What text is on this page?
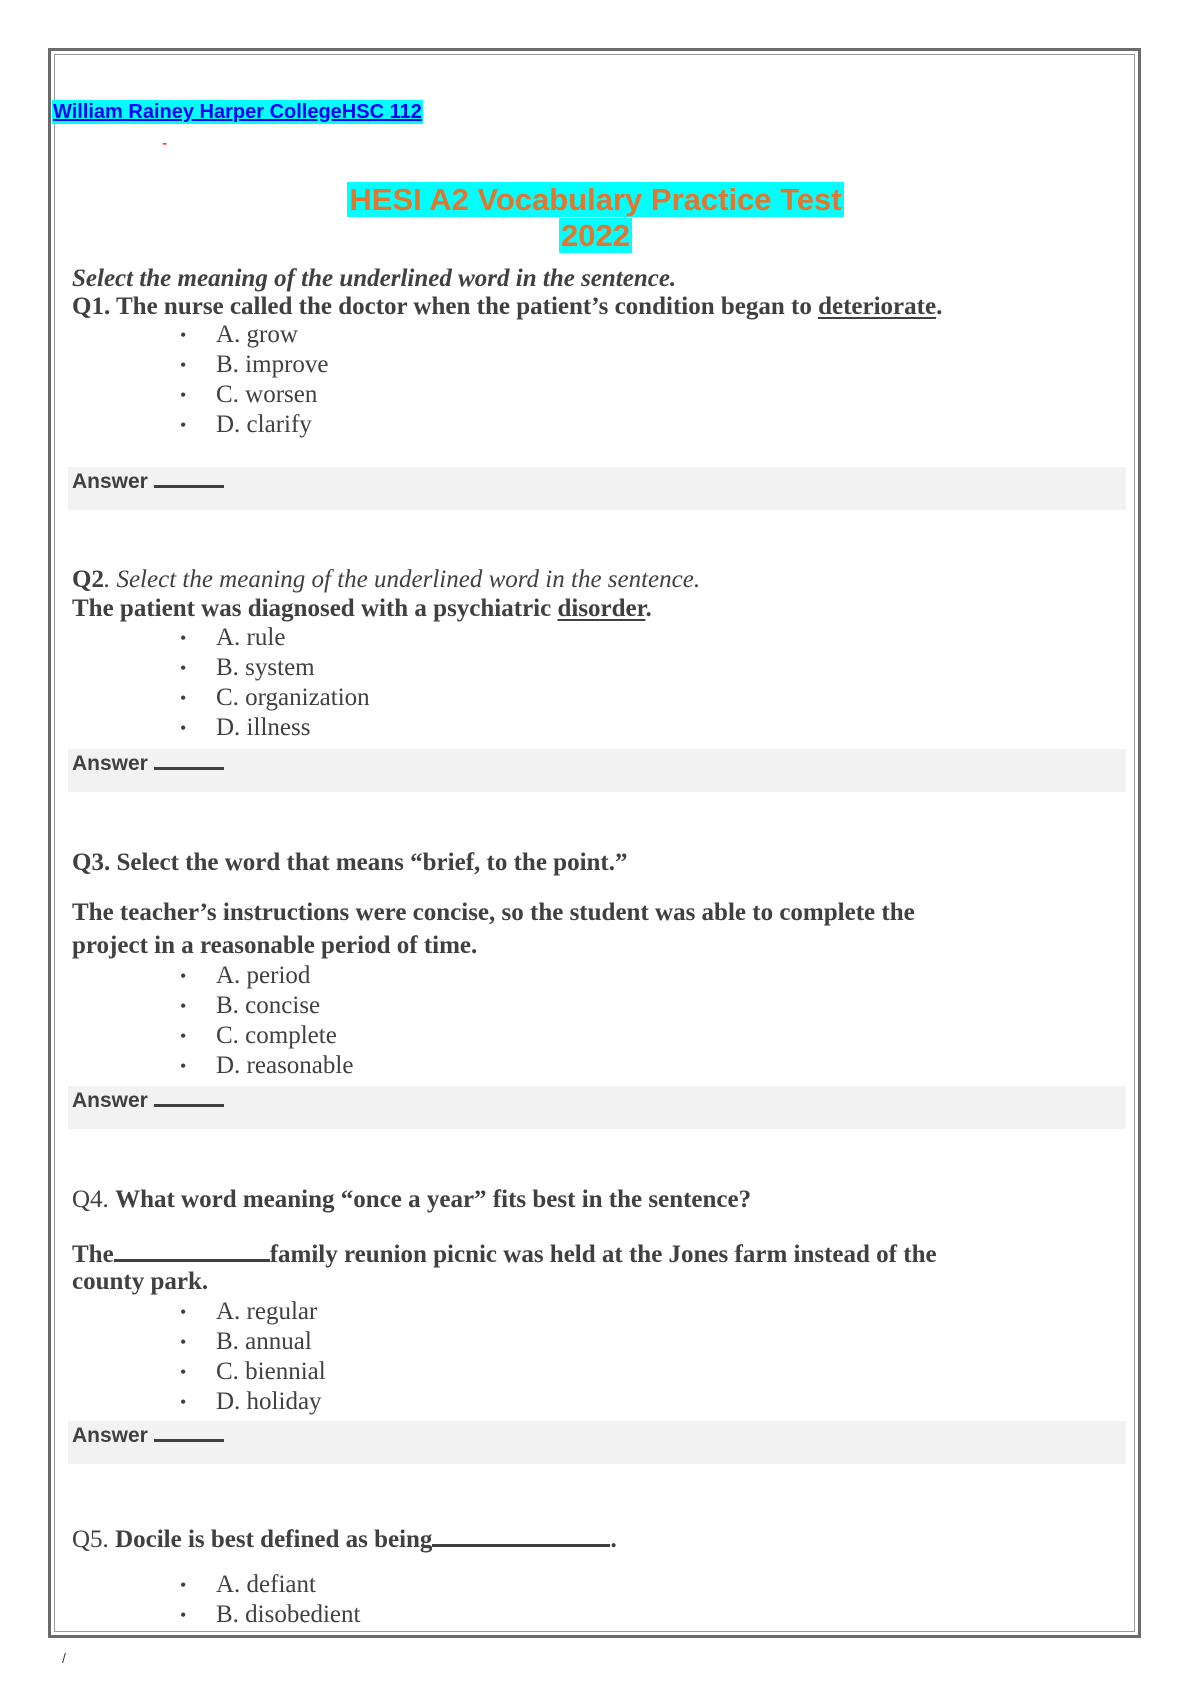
William Rainey Harper CollegeHSC 112
-
HESI A2 Vocabulary Practice Test
2022
Select the meaning of the underlined word in the sentence.
Q1. The nurse called the doctor when the patient’s condition began to deteriorate.
• A. grow
• B. improve
• C. worsen
• D. clarify
Answer
Q2. Select the meaning of the underlined word in the sentence.
The patient was diagnosed with a psychiatric disorder.
• A. rule
• B. system
• C. organization
• D. illness
Answer
Q3. Select the word that means “brief, to the point.”
The teacher’s instructions were concise, so the student was able to complete the
project in a reasonable period of time.
• A. period
• B. concise
• C. complete
• D. reasonable
Answer
Q4. What word meaning “once a year” fits best in the sentence?
The	family reunion picnic was held at the Jones farm instead of the
county park.
• A. regular
• B. annual
• C. biennial
• D. holiday
Answer
Q5. Docile is best defined as being	.
• A. defiant
• B. disobedient
/
